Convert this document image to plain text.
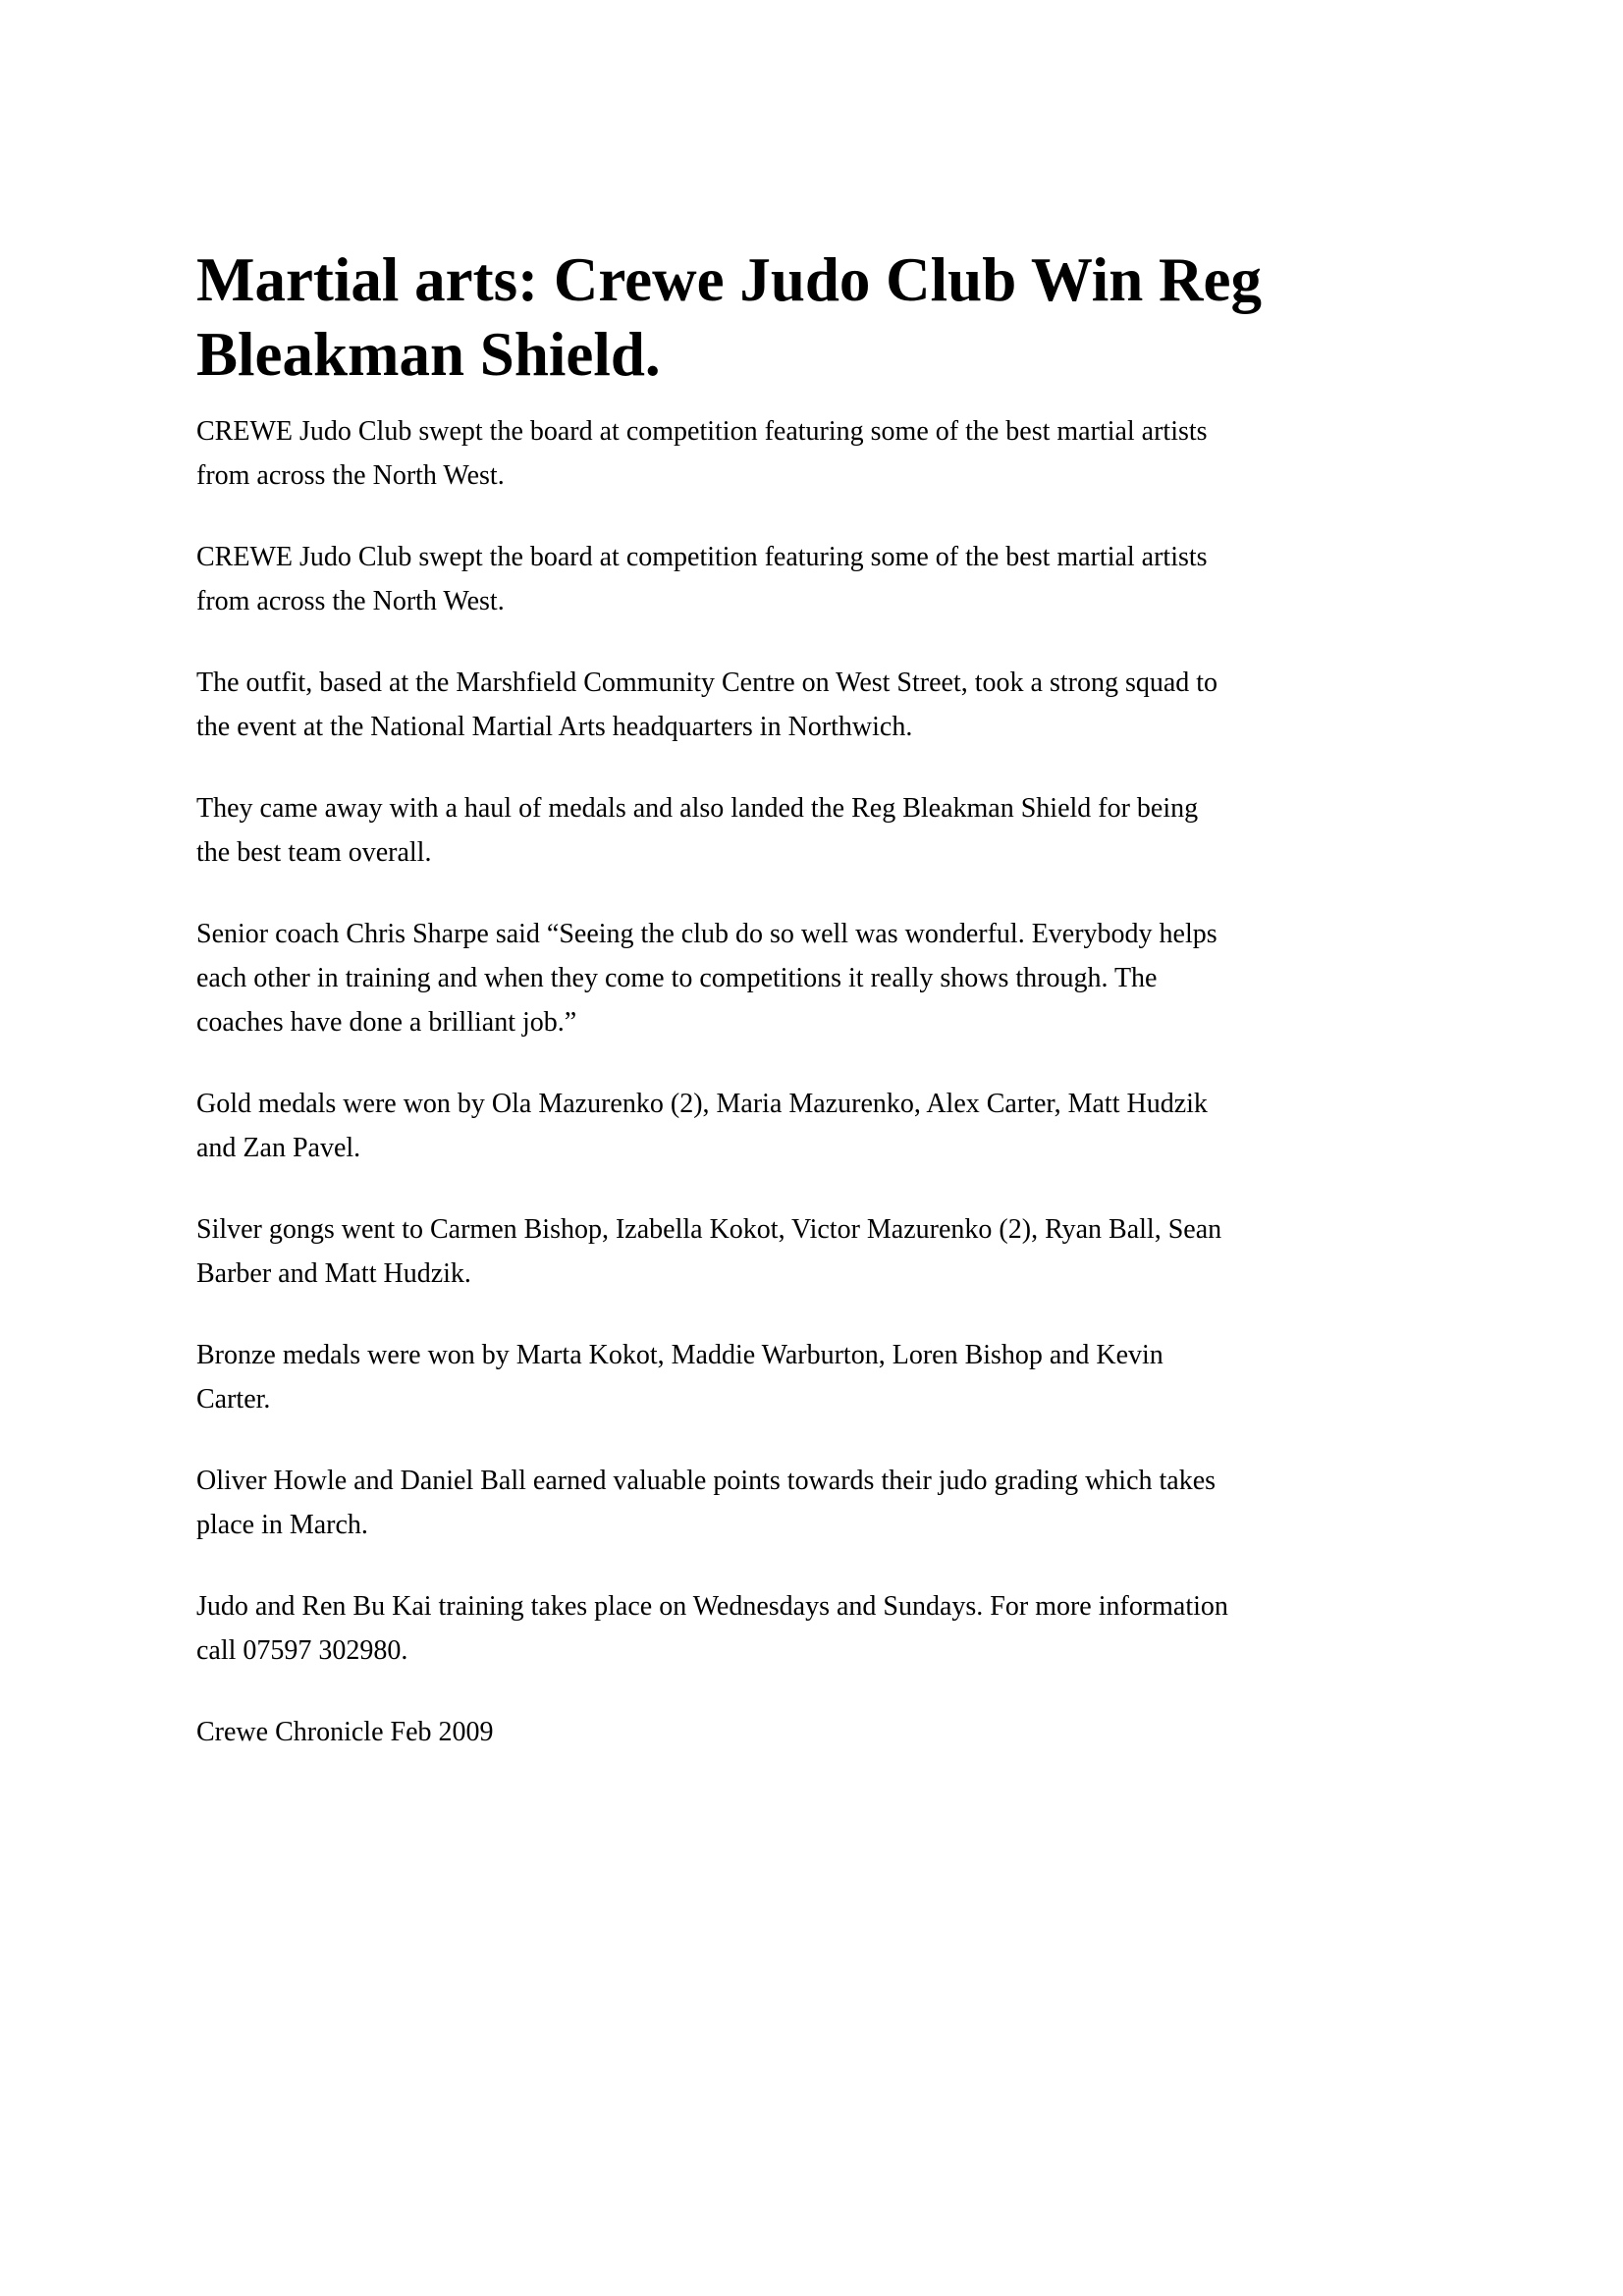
Martial arts: Crewe Judo Club Win Reg
Bleakman Shield.
CREWE Judo Club swept the board at competition featuring some of the best martial artists
from across the North West.
CREWE Judo Club swept the board at competition featuring some of the best martial artists
from across the North West.
The outfit, based at the Marshfield Community Centre on West Street, took a strong squad to
the event at the National Martial Arts headquarters in Northwich.
They came away with a haul of medals and also landed the Reg Bleakman Shield for being
the best team overall.
Senior coach Chris Sharpe said “Seeing the club do so well was wonderful. Everybody helps
each other in training and when they come to competitions it really shows through. The
coaches have done a brilliant job.”
Gold medals were won by Ola Mazurenko (2), Maria Mazurenko, Alex Carter, Matt Hudzik
and Zan Pavel.
Silver gongs went to Carmen Bishop, Izabella Kokot, Victor Mazurenko (2), Ryan Ball, Sean
Barber and Matt Hudzik.
Bronze medals were won by Marta Kokot, Maddie Warburton, Loren Bishop and Kevin
Carter.
Oliver Howle and Daniel Ball earned valuable points towards their judo grading which takes
place in March.
Judo and Ren Bu Kai training takes place on Wednesdays and Sundays. For more information
call 07597 302980.
Crewe Chronicle Feb 2009
